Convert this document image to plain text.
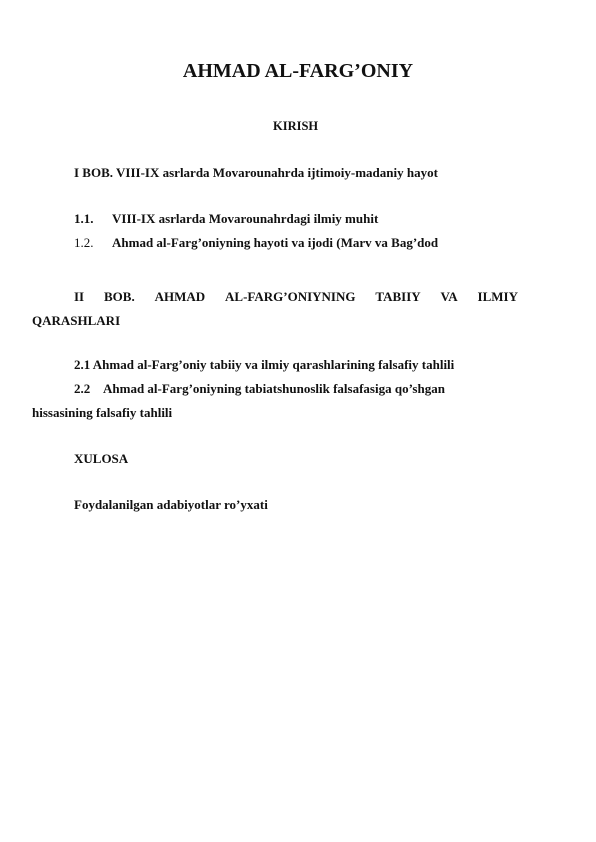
AHMAD AL-FARG’ONIY
KIRISH
I BOB. VIII-IX asrlarda Movarounahrda ijtimoiy-madaniy hayot
1.1. VIII-IX asrlarda Movarounahrdagi ilmiy muhit
1.2. Ahmad al-Farg’oniyning hayoti va ijodi (Marv va Bag’dod
II BOB. AHMAD AL-FARG’ONIYNING TABIIY VA ILMIY
QARASHLARI
2.1 Ahmad al-Farg’oniy tabiiy va ilmiy qarashlarining falsafiy tahlili
2.2 Ahmad al-Farg’oniyning tabiatshunoslik falsafasiga qo’shgan
hissasining falsafiy tahlili
XULOSA
Foydalanilgan adabiyotlar ro’yxati
